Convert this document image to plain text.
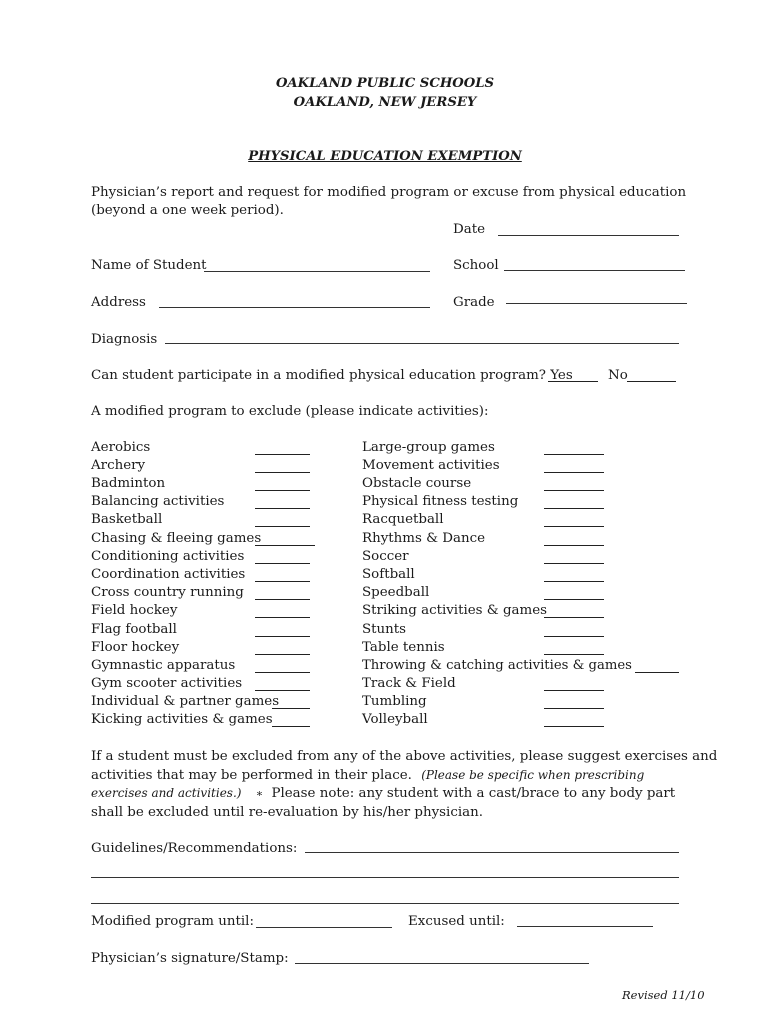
OAKLAND PUBLIC SCHOOLS
OAKLAND, NEW JERSEY
PHYSICAL EDUCATION EXEMPTION
Physician’s report and request for modified program or excuse from physical education
(beyond a one week period).
Date
Name of Student	School
Address	Grade
Diagnosis
Can student participate in a modified physical education program? Yes	No
A modified program to exclude (please indicate activities):
Aerobics
Archery
Badminton
Balancing activities
Basketball
Chasing & fleeing games
Conditioning activities
Coordination activities
Cross country running
Field hockey
Flag football
Floor hockey
Gymnastic apparatus
Gym scooter activities
Individual & partner games
Kicking activities & games
Large-group games
Movement activities
Obstacle course
Physical fitness testing
Racquetball
Rhythms & Dance
Soccer
Softball
Speedball
Striking activities & games
Stunts
Table tennis
Throwing & catching activities & games
Track & Field
Tumbling
Volleyball
If a student must be excluded from any of the above activities, please suggest exercises and
activities that may be performed in their place. (Please be specific when prescribing
exercises and activities.) ∗ Please note: any student with a cast/brace to any body part
shall be excluded until re-evaluation by his/her physician.
Guidelines/Recommendations:
Modified program until:	Excused until:
Physician’s signature/Stamp:
Revised 11/10
